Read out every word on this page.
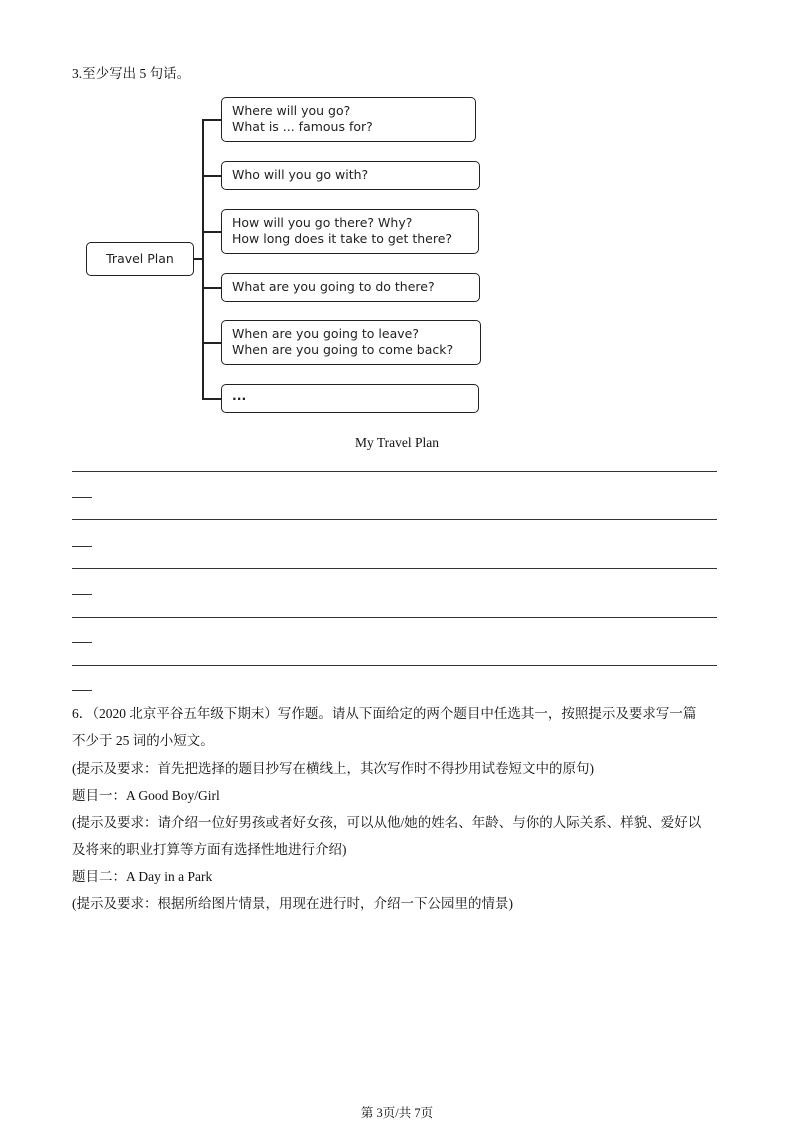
3.至少写出 5 句话。
Travel Plan
Where will you go?
What is ... famous for?
Who will you go with?
How will you go there? Why?
How long does it take to get there?
What are you going to do there?
When are you going to leave?
When are you going to come back?
...
My Travel Plan
6．（2020 北京平谷五年级下期末）写作题。请从下面给定的两个题目中任选其一，按照提示及要求写一篇
不少于 25 词的小短文。
(提示及要求：首先把选择的题目抄写在横线上，其次写作时不得抄用试卷短文中的原句)
题目一：A Good Boy/Girl
(提示及要求：请介绍一位好男孩或者好女孩，可以从他/她的姓名、年龄、与你的人际关系、样貌、爱好以
及将来的职业打算等方面有选择性地进行介绍)
题目二：A Day in a Park
(提示及要求：根据所给图片情景，用现在进行时，介绍一下公园里的情景)
第 3页/共 7页
